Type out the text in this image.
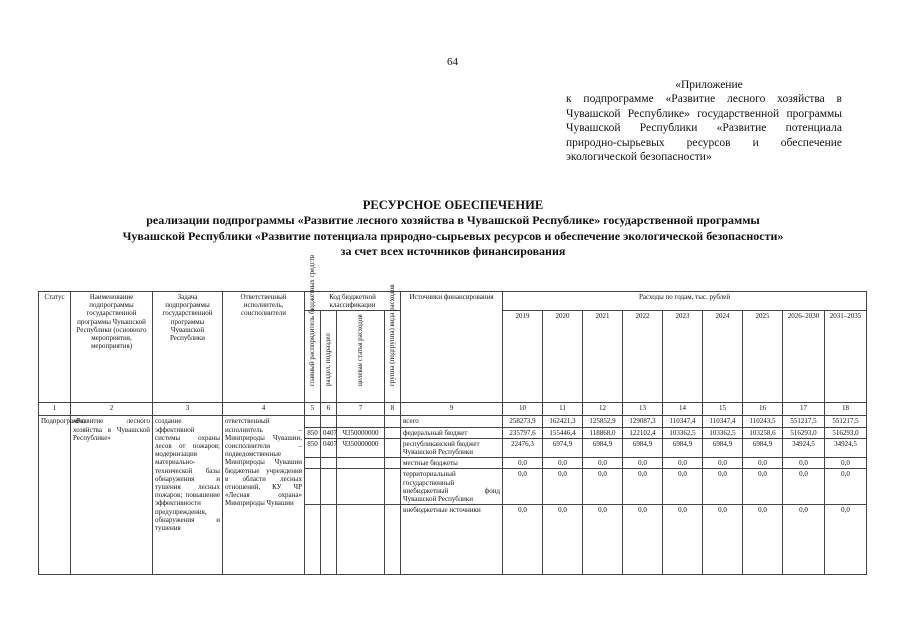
64
«Приложение
к подпрограмме «Развитие лесного хозяйства в Чувашской Республике» государственной программы Чувашской Республики «Развитие потенциала природно-сырьевых ресурсов и обеспечение экологической безопасности»
РЕСУРСНОЕ ОБЕСПЕЧЕНИЕ
реализации подпрограммы «Развитие лесного хозяйства в Чувашской Республике» государственной программы
Чувашской Республики «Развитие потенциала природно-сырьевых ресурсов и обеспечение экологической безопасности»
за счет всех источников финансирования
Статус	Наименование подпрограммы государственной программы Чувашской Республики (основного мероприятия, мероприятия)	Задача подпрограммы государственной программы Чувашской Республики	Ответственный исполнитель, соисполнители	Код бюджетной классификации				Источники финансирования	Расходы по годам, тыс. рублей								

				главный распорядитель бюджетных средств	раздел, подраздел	целевая статья расходов	группа (подгруппа) вида расходов		2019	2020	2021	2022	2023	2024	2025	2026–2030	2031–2035
1	2	3	4	5	6	7	8	9	10	11	12	13	14	15	16	17	18
Подпрограмма	«Развитие лесного хозяйства в Чувашской Республике»	создание эффективной системы охраны лесов от пожаров; модернизация материально-технической базы обнаружения и тушения лесных пожаров; повышение эффективности предупреждения, обнаружения и тушения	ответственный исполнитель – Минприроды Чувашии, соисполнители – подведомственные Минприроды Чувашии бюджетные учреждения в области лесных отношений, КУ ЧР «Лесная охрана» Минприроды Чувашии					всего	258273,9	162421,3	125852,9	129087,3	110347,4	110347,4	110243,5	551217,5	551217,5
				850	0407	Ч350000000		федеральный бюджет	235797,6	155446,4	118868,0	122102,4	103362,5	103362,5	103258,6	516293,0	516293,0
				850	0407	Ч350000000		республиканский бюджет Чувашской Республики	22476,3	6974,9	6984,9	6984,9	6984,9	6984,9	6984,9	34924,5	34924,5
								местные бюджеты	0,0	0,0	0,0	0,0	0,0	0,0	0,0	0,0	0,0
								территориальный государственный внебюджетный фонд Чувашской Республики	0,0	0,0	0,0	0,0	0,0	0,0	0,0	0,0	0,0
								внебюджетные источники	0,0	0,0	0,0	0,0	0,0	0,0	0,0	0,0	0,0
